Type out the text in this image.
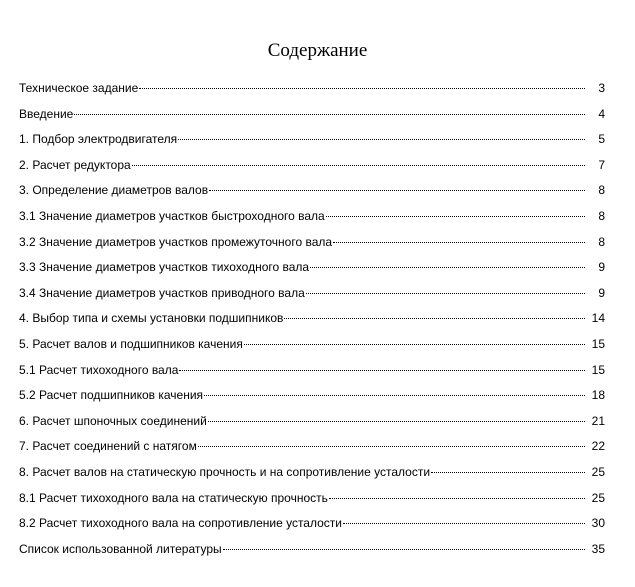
Содержание
Техническое задание	3
Введение	4
1. Подбор электродвигателя	5
2. Расчет редуктора	7
3. Определение диаметров валов	8
3.1 Значение диаметров участков быстроходного вала	8
3.2 Значение диаметров участков промежуточного вала	8
3.3 Значение диаметров участков тихоходного вала	9
3.4 Значение диаметров участков приводного вала	9
4. Выбор типа и схемы установки подшипников	14
5. Расчет валов и подшипников качения	15
5.1 Расчет тихоходного вала	15
5.2 Расчет подшипников качения	18
6. Расчет шпоночных соединений	21
7. Расчет соединений с натягом	22
8. Расчет валов на статическую прочность и на сопротивление усталости	25
8.1 Расчет тихоходного вала на статическую прочность	25
8.2 Расчет тихоходного вала на сопротивление усталости	30
Список использованной литературы	35
